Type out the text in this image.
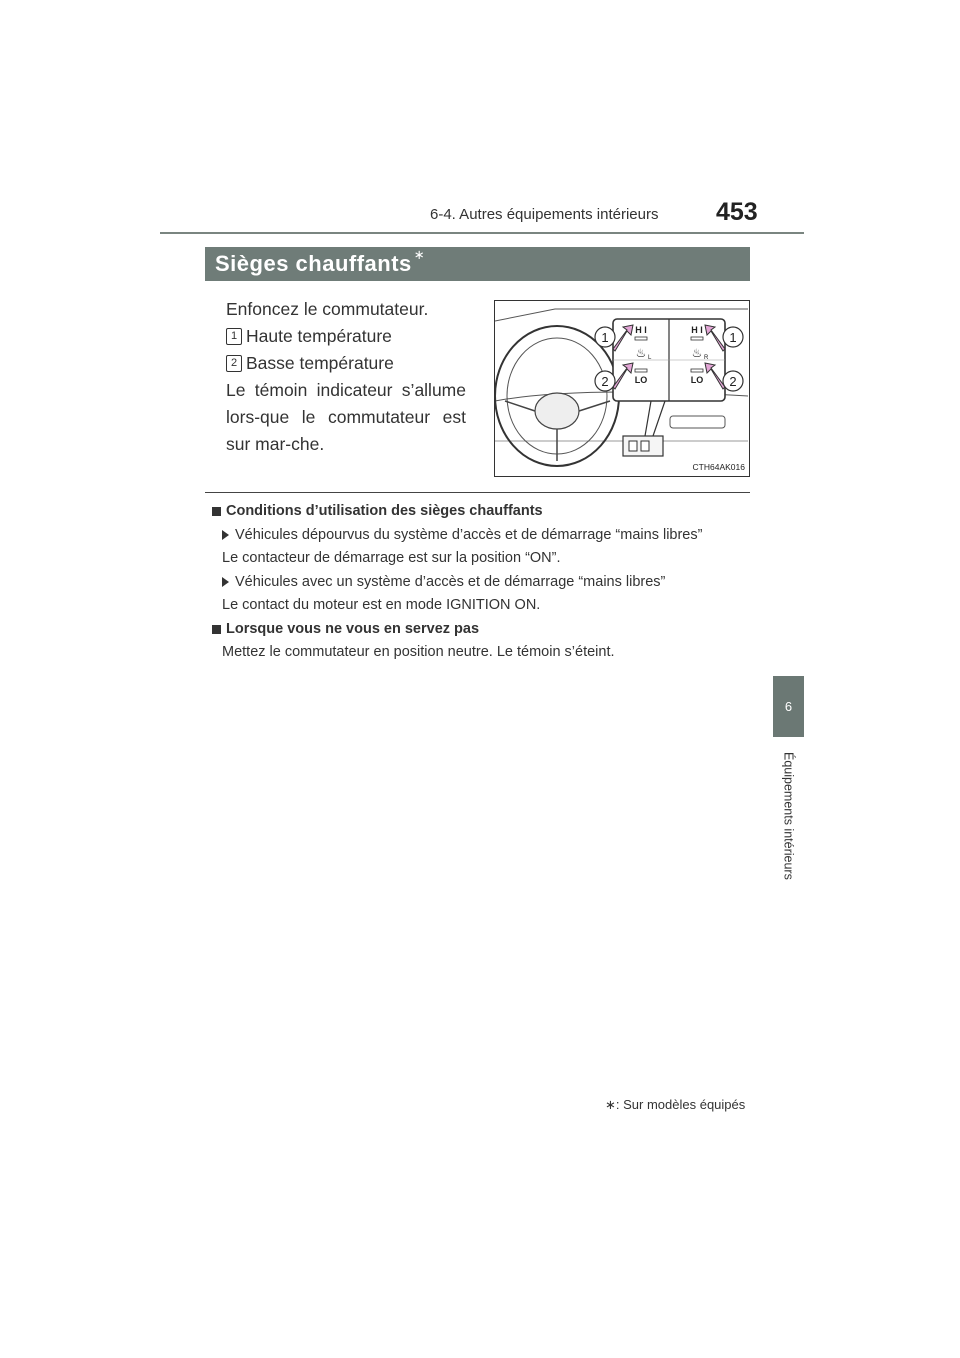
6-4. Autres équipements intérieurs 453
6
Équipements intérieurs
Sièges chauffants ∗
Enfoncez le commutateur.
1 Haute température
2 Basse température
Le témoin indicateur s’allume lors-que le commutateur est sur mar-che.
H I
♨ L
LO
H I
♨ R
LO
1	1
2	2
CTH64AK016
Conditions d’utilisation des sièges chauffants
Véhicules dépourvus du système d’accès et de démarrage “mains libres”
Le contacteur de démarrage est sur la position “ON”.
Véhicules avec un système d’accès et de démarrage “mains libres”
Le contact du moteur est en mode IGNITION ON.
Lorsque vous ne vous en servez pas
Mettez le commutateur en position neutre. Le témoin s’éteint.
∗: Sur modèles équipés
